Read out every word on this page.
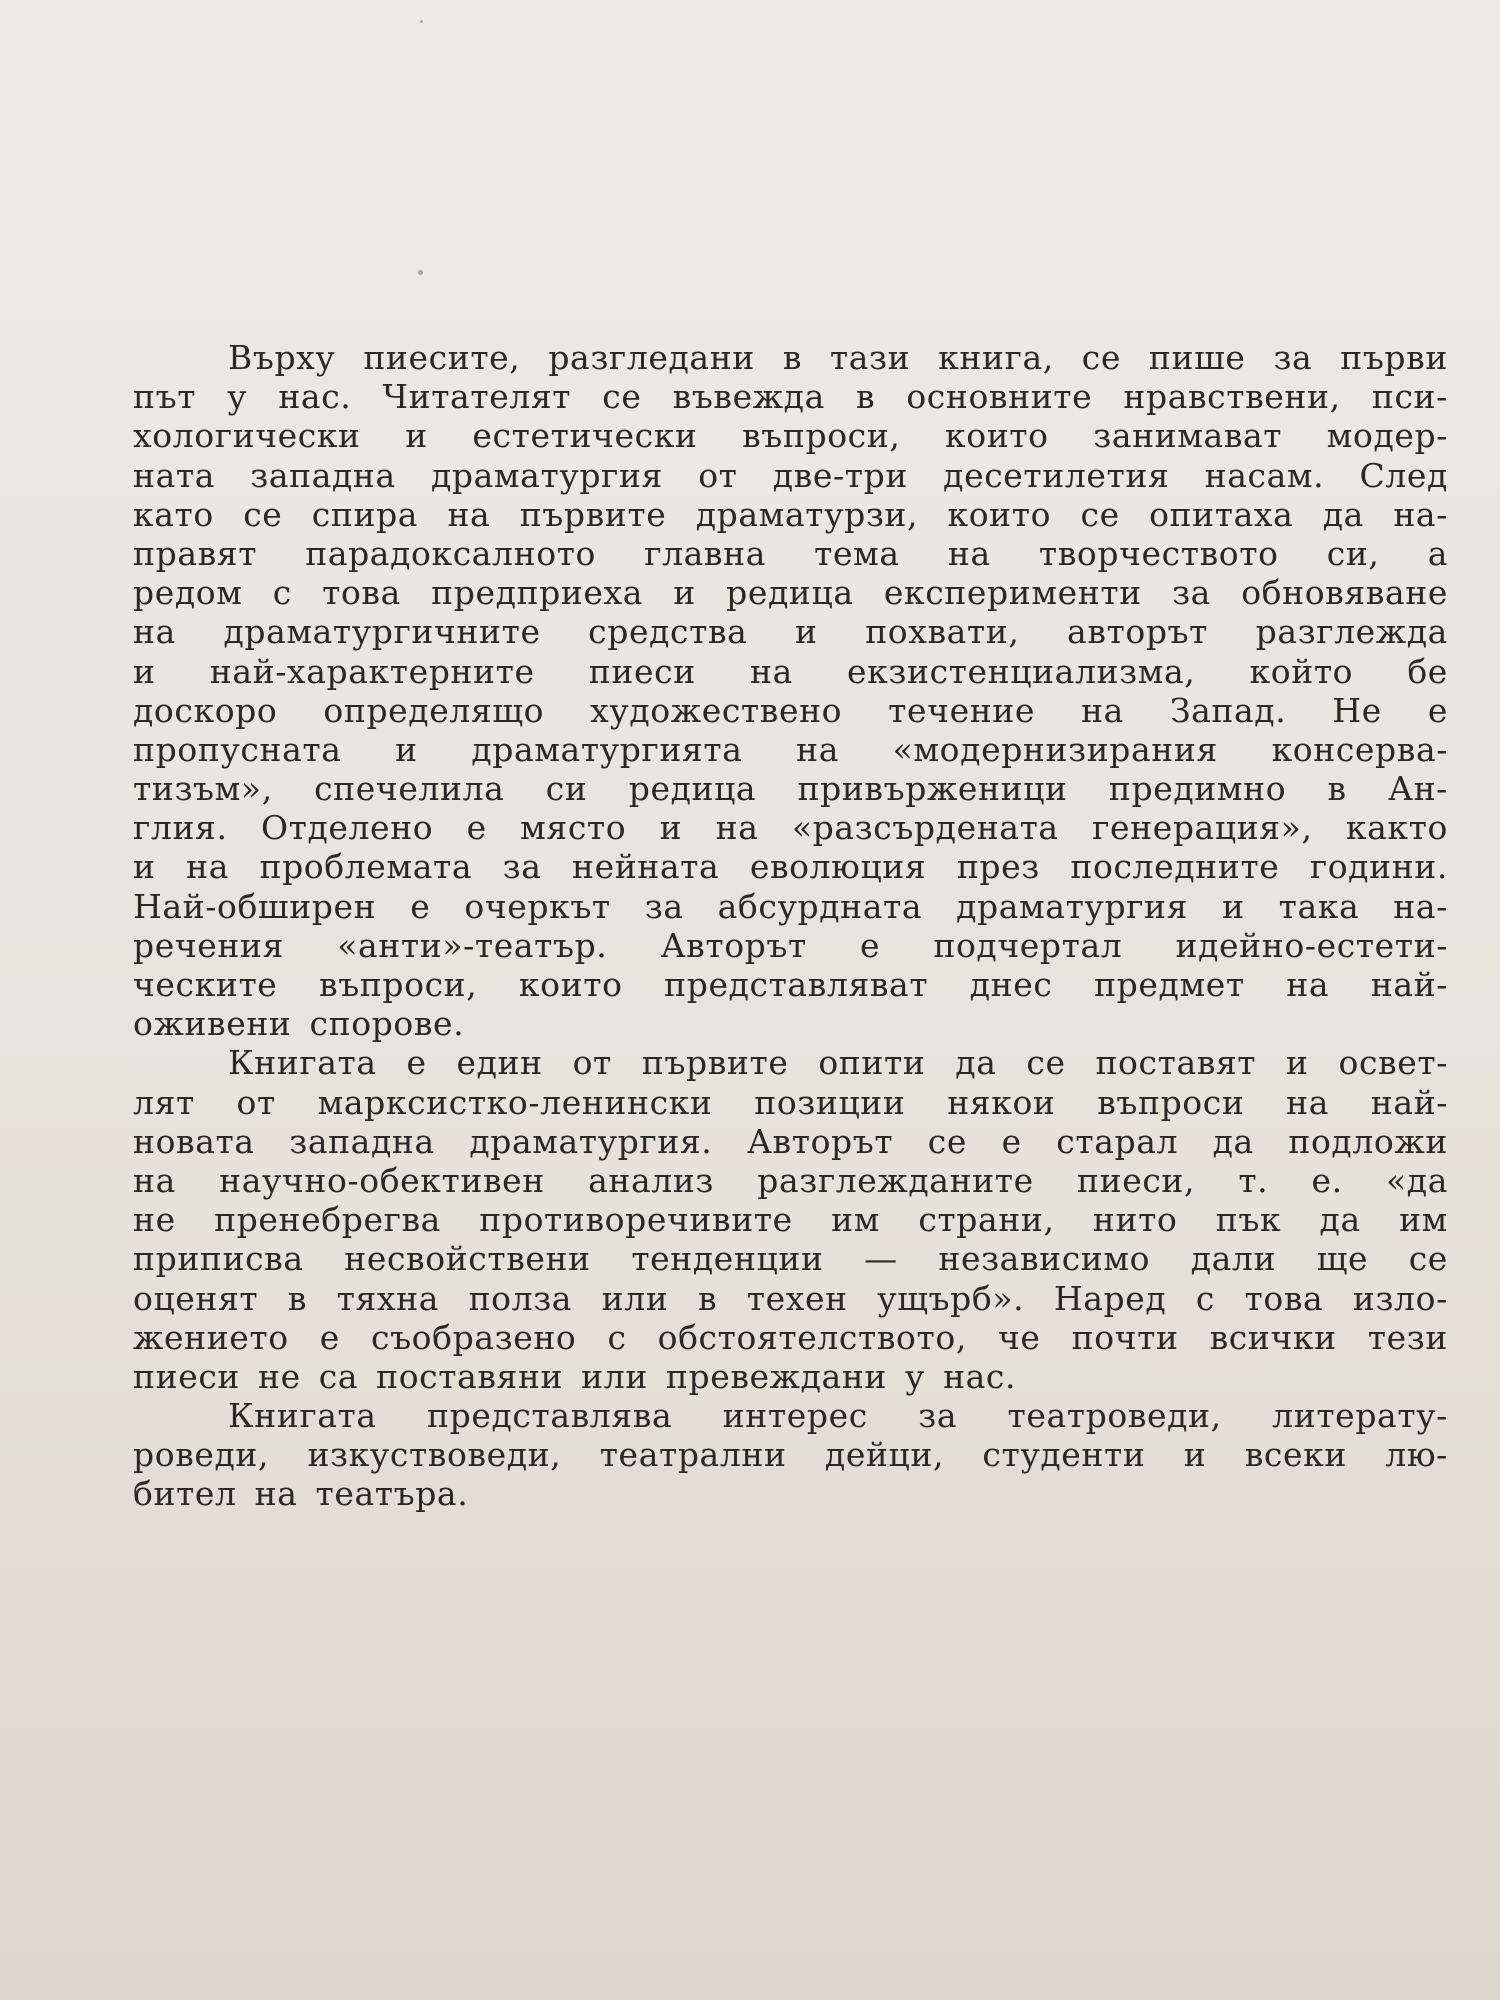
Върху пиесите, разгледани в тази книга, се пише за първи
път у нас. Читателят се въвежда в основните нравствени, пси-
хологически и естетически въпроси, които занимават модер-
ната западна драматургия от две-три десетилетия насам. След
като се спира на първите драматурзи, които се опитаха да на-
правят парадоксалното главна тема на творчеството си, а
редом с това предприеха и редица експерименти за обновяване
на драматургичните средства и похвати, авторът разглежда
и най-характерните пиеси на екзистенциализма, който бе
доскоро определящо художествено течение на Запад. Не е
пропусната и драматургията на «модернизирания консерва-
тизъм», спечелила си редица привърженици предимно в Ан-
глия. Отделено е място и на «разсърдената генерация», както
и на проблемата за нейната еволюция през последните години.
Най-обширен е очеркът за абсурдната драматургия и така на-
речения «анти»-театър. Авторът е подчертал идейно-естети-
ческите въпроси, които представляват днес предмет на най-
оживени спорове.
Книгата е един от първите опити да се поставят и освет-
лят от марксистко-ленински позиции някои въпроси на най-
новата западна драматургия. Авторът се е старал да подложи
на научно-обективен анализ разглежданите пиеси, т. е. «да
не пренебрегва противоречивите им страни, нито пък да им
приписва несвойствени тенденции — независимо дали ще се
оценят в тяхна полза или в техен ущърб». Наред с това изло-
жението е съобразено с обстоятелството, че почти всички тези
пиеси не са поставяни или превеждани у нас.
Книгата представлява интерес за театроведи, литерату-
роведи, изкуствоведи, театрални дейци, студенти и всеки лю-
бител на театъра.
